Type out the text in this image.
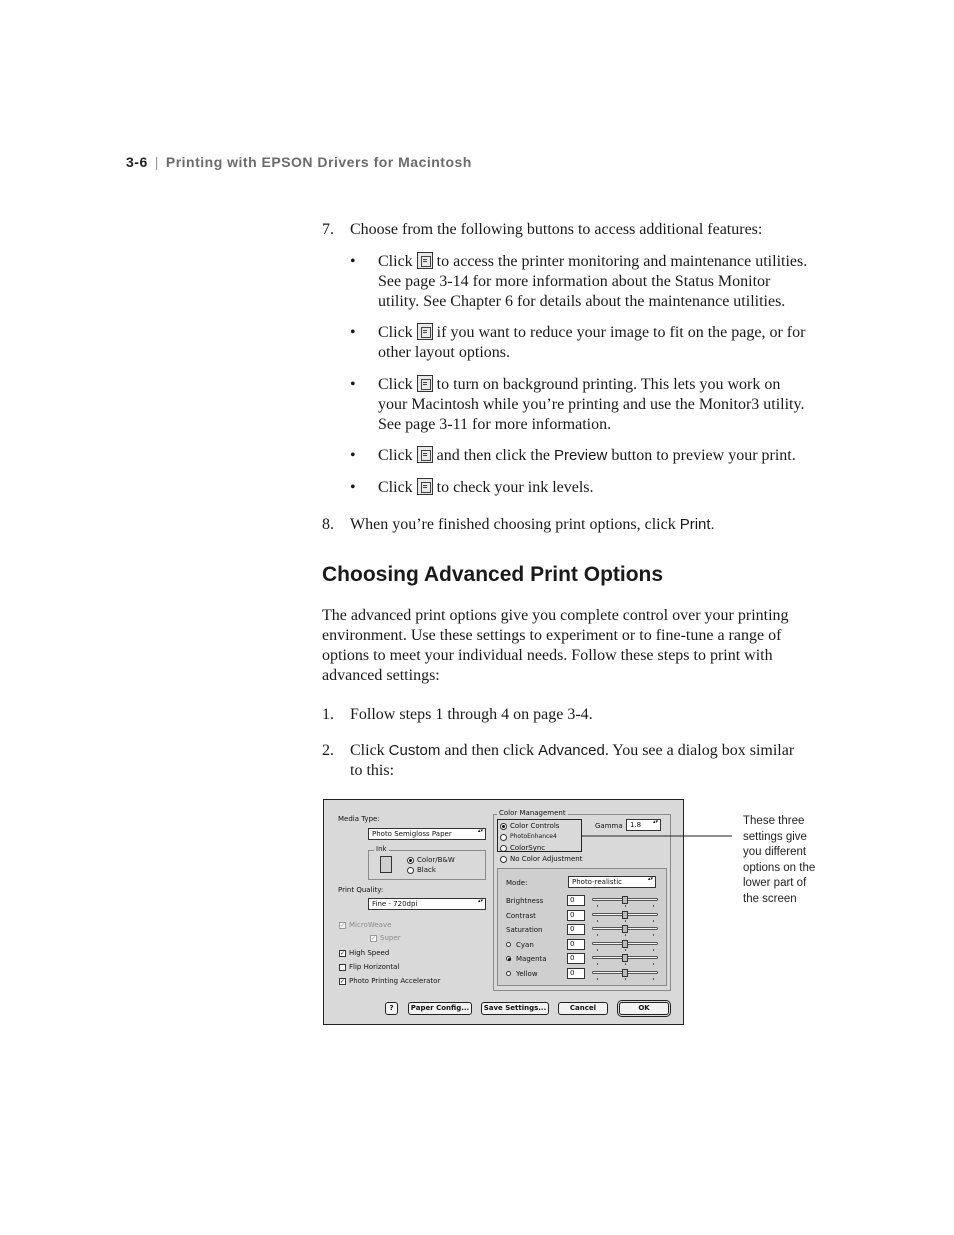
3-6 | Printing with EPSON Drivers for Macintosh
7.	Choose from the following buttons to access additional features:
• Click to access the printer monitoring and maintenance utilities.
See page 3-14 for more information about the Status Monitor
utility. See Chapter 6 for details about the maintenance utilities.
• Click if you want to reduce your image to fit on the page, or for
other layout options.
• Click to turn on background printing. This lets you work on
your Macintosh while you’re printing and use the Monitor3 utility.
See page 3-11 for more information.
• Click and then click the Preview button to preview your print.
• Click to check your ink levels.
8.	When you’re finished choosing print options, click Print.
Choosing Advanced Print Options
The advanced print options give you complete control over your printing
environment. Use these settings to experiment or to fine-tune a range of
options to meet your individual needs. Follow these steps to print with
advanced settings:
1.	Follow steps 1 through 4 on page 3-4.
2.	Click Custom and then click Advanced. You see a dialog box similar
to this:
Media Type:
Photo Semigloss Paper ▴▾
Ink
Color/B&W
Black
Print Quality:
Fine - 720dpi ▴▾
✓ MicroWeave
✓ Super
✓ High Speed
Flip Horizontal
✓ Photo Printing Accelerator
Color Management
Color Controls
PhotoEnhance4
ColorSync
No Color Adjustment
Gamma	1.8 ▴▾
Mode:	Photo-realistic ▴▾
Brightness	0
Contrast	0
Saturation	0
Cyan	0
Magenta	0
Yellow	0
?	Paper Config...	Save Settings...	Cancel	OK
These three
settings give
you different
options on the
lower part of
the screen
